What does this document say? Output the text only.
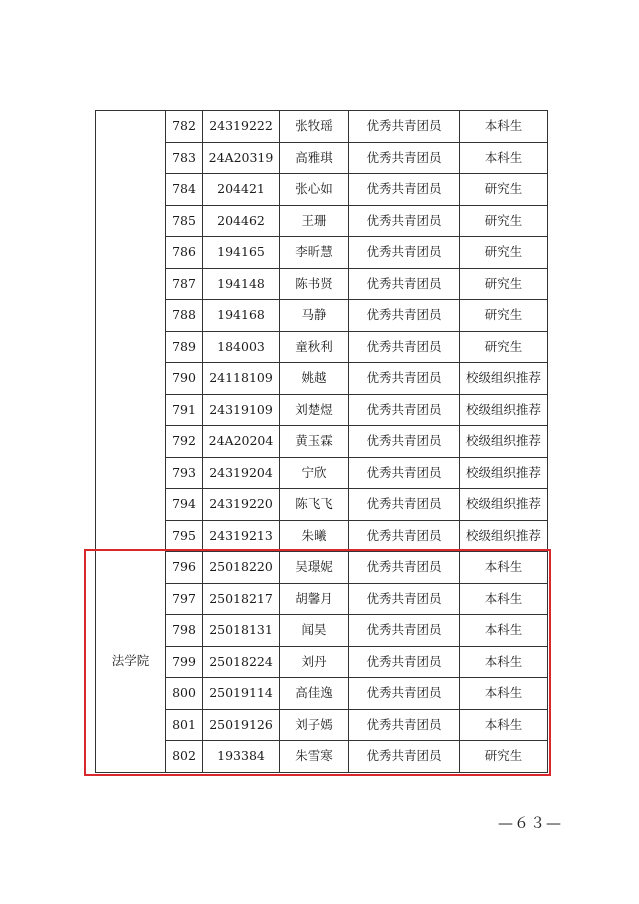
	782	24319222	张牧瑶	优秀共青团员	本科生
	783	24A20319	高雅琪	优秀共青团员	本科生
	784	204421	张心如	优秀共青团员	研究生
	785	204462	王珊	优秀共青团员	研究生
	786	194165	李昕慧	优秀共青团员	研究生
	787	194148	陈书贤	优秀共青团员	研究生
	788	194168	马静	优秀共青团员	研究生
	789	184003	童秋利	优秀共青团员	研究生
	790	24118109	姚越	优秀共青团员	校级组织推荐
	791	24319109	刘楚煜	优秀共青团员	校级组织推荐
	792	24A20204	黄玉霖	优秀共青团员	校级组织推荐
	793	24319204	宁欣	优秀共青团员	校级组织推荐
	794	24319220	陈飞飞	优秀共青团员	校级组织推荐
	795	24319213	朱曦	优秀共青团员	校级组织推荐
法学院	796	25018220	吴璟妮	优秀共青团员	本科生
	797	25018217	胡馨月	优秀共青团员	本科生
	798	25018131	闻昊	优秀共青团员	本科生
	799	25018224	刘丹	优秀共青团员	本科生
	800	25019114	高佳逸	优秀共青团员	本科生
	801	25019126	刘子嫣	优秀共青团员	本科生
	802	193384	朱雪寒	优秀共青团员	研究生
—６３—
